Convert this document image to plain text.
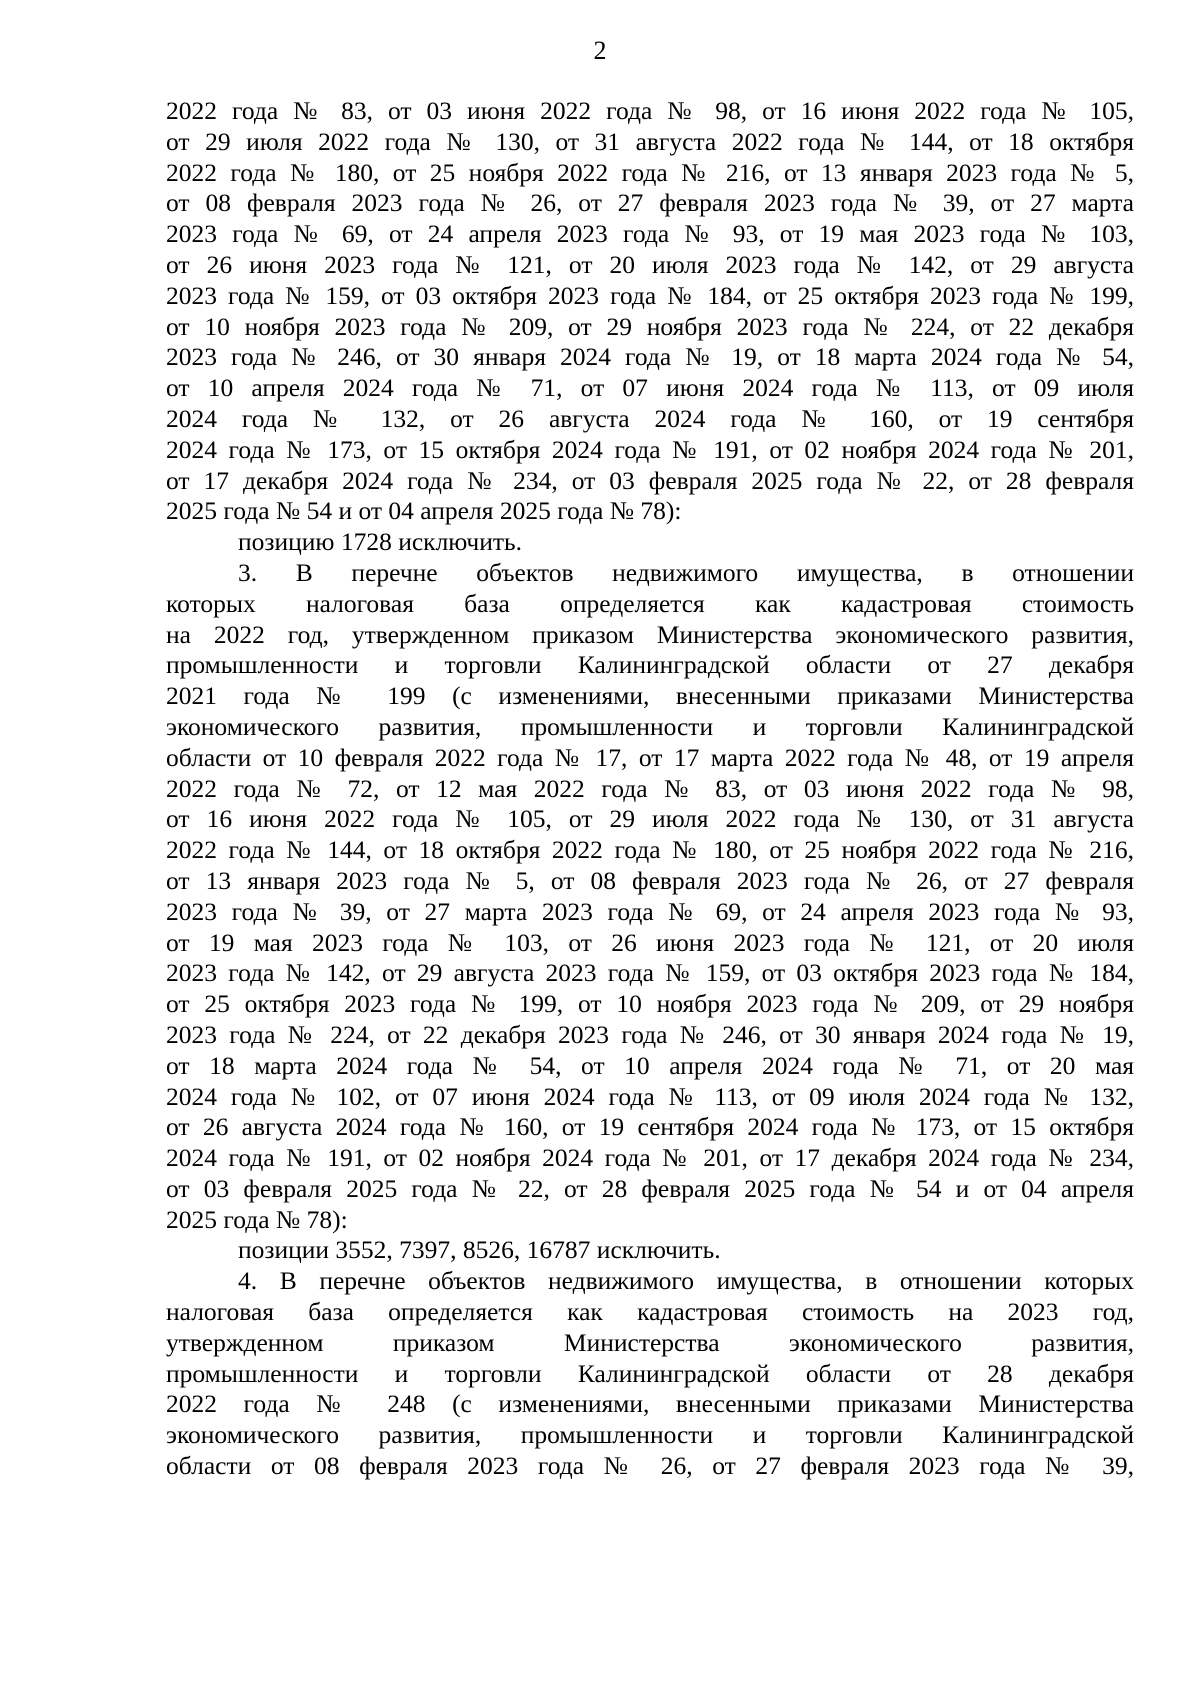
2
2022 года № 83, от 03 июня 2022 года № 98, от 16 июня 2022 года № 105,
от 29 июля 2022 года № 130, от 31 августа 2022 года № 144, от 18 октября
2022 года № 180, от 25 ноября 2022 года № 216, от 13 января 2023 года № 5,
от 08 февраля 2023 года № 26, от 27 февраля 2023 года № 39, от 27 марта
2023 года № 69, от 24 апреля 2023 года № 93, от 19 мая 2023 года № 103,
от 26 июня 2023 года № 121, от 20 июля 2023 года № 142, от 29 августа
2023 года № 159, от 03 октября 2023 года № 184, от 25 октября 2023 года № 199,
от 10 ноября 2023 года № 209, от 29 ноября 2023 года № 224, от 22 декабря
2023 года № 246, от 30 января 2024 года № 19, от 18 марта 2024 года № 54,
от 10 апреля 2024 года № 71, от 07 июня 2024 года № 113, от 09 июля
2024 года № 132, от 26 августа 2024 года № 160, от 19 сентября
2024 года № 173, от 15 октября 2024 года № 191, от 02 ноября 2024 года № 201,
от 17 декабря 2024 года № 234, от 03 февраля 2025 года № 22, от 28 февраля
2025 года № 54 и от 04 апреля 2025 года № 78):
позицию 1728 исключить.
3. В перечне объектов недвижимого имущества, в отношении
которых налоговая база определяется как кадастровая стоимость
на 2022 год, утвержденном приказом Министерства экономического развития,
промышленности и торговли Калининградской области от 27 декабря
2021 года № 199 (с изменениями, внесенными приказами Министерства
экономического развития, промышленности и торговли Калининградской
области от 10 февраля 2022 года № 17, от 17 марта 2022 года № 48, от 19 апреля
2022 года № 72, от 12 мая 2022 года № 83, от 03 июня 2022 года № 98,
от 16 июня 2022 года № 105, от 29 июля 2022 года № 130, от 31 августа
2022 года № 144, от 18 октября 2022 года № 180, от 25 ноября 2022 года № 216,
от 13 января 2023 года № 5, от 08 февраля 2023 года № 26, от 27 февраля
2023 года № 39, от 27 марта 2023 года № 69, от 24 апреля 2023 года № 93,
от 19 мая 2023 года № 103, от 26 июня 2023 года № 121, от 20 июля
2023 года № 142, от 29 августа 2023 года № 159, от 03 октября 2023 года № 184,
от 25 октября 2023 года № 199, от 10 ноября 2023 года № 209, от 29 ноября
2023 года № 224, от 22 декабря 2023 года № 246, от 30 января 2024 года № 19,
от 18 марта 2024 года № 54, от 10 апреля 2024 года № 71, от 20 мая
2024 года № 102, от 07 июня 2024 года № 113, от 09 июля 2024 года № 132,
от 26 августа 2024 года № 160, от 19 сентября 2024 года № 173, от 15 октября
2024 года № 191, от 02 ноября 2024 года № 201, от 17 декабря 2024 года № 234,
от 03 февраля 2025 года № 22, от 28 февраля 2025 года № 54 и от 04 апреля
2025 года № 78):
позиции 3552, 7397, 8526, 16787 исключить.
4. В перечне объектов недвижимого имущества, в отношении которых
налоговая база определяется как кадастровая стоимость на 2023 год,
утвержденном приказом Министерства экономического развития,
промышленности и торговли Калининградской области от 28 декабря
2022 года № 248 (с изменениями, внесенными приказами Министерства
экономического развития, промышленности и торговли Калининградской
области от 08 февраля 2023 года № 26, от 27 февраля 2023 года № 39,
